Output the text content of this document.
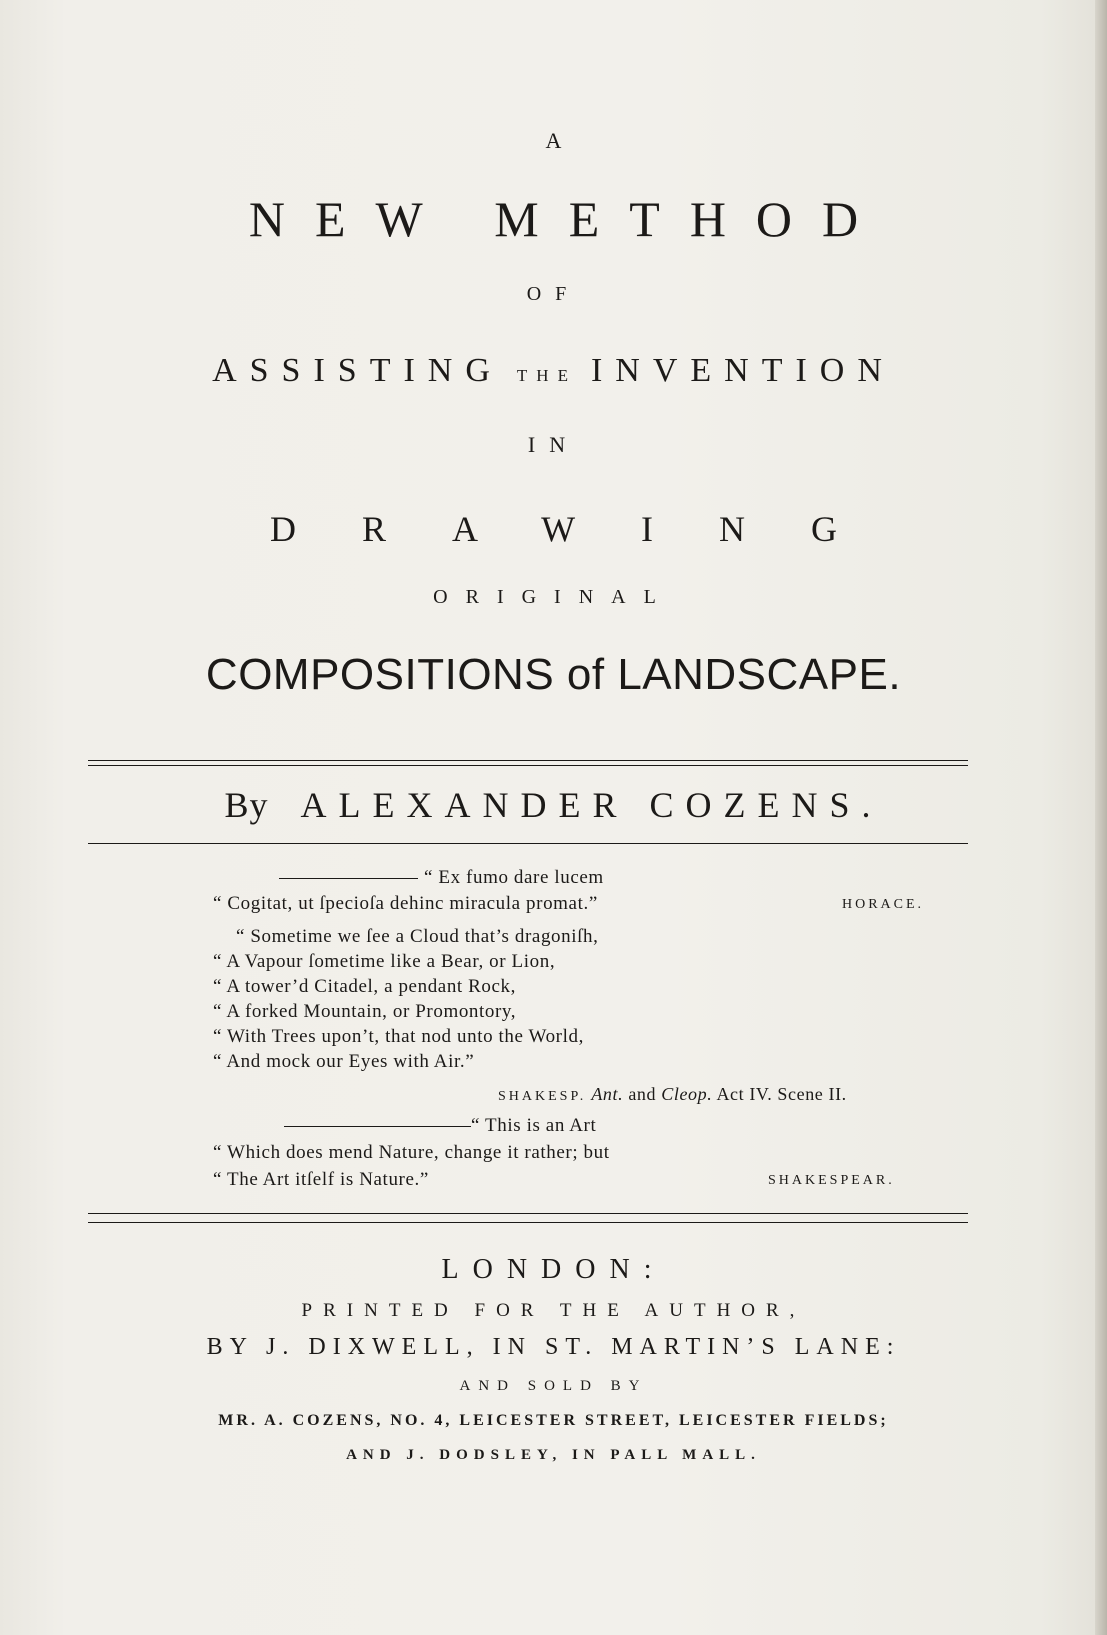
A
NEW METHOD
OF
ASSISTING THE INVENTION
IN
DRAWING
ORIGINAL
COMPOSITIONS of LANDSCAPE.
By ALEXANDER COZENS.
“ Ex fumo dare lucem
“ Cogitat, ut ſpecioſa dehinc miracula promat.”	HORACE.
“ Sometime we ſee a Cloud that’s dragoniſh,
“ A Vapour ſometime like a Bear, or Lion,
“ A tower’d Citadel, a pendant Rock,
“ A forked Mountain, or Promontory,
“ With Trees upon’t, that nod unto the World,
“ And mock our Eyes with Air.”
SHAKESP. Ant. and Cleop. Act IV. Scene II.
“ This is an Art
“ Which does mend Nature, change it rather; but
“ The Art itſelf is Nature.”	SHAKESPEAR.
LONDON:
PRINTED FOR THE AUTHOR,
BY J. DIXWELL, IN ST. MARTIN’S LANE:
AND SOLD BY
MR. A. COZENS, NO. 4, LEICESTER STREET, LEICESTER FIELDS;
AND J. DODSLEY, IN PALL MALL.
